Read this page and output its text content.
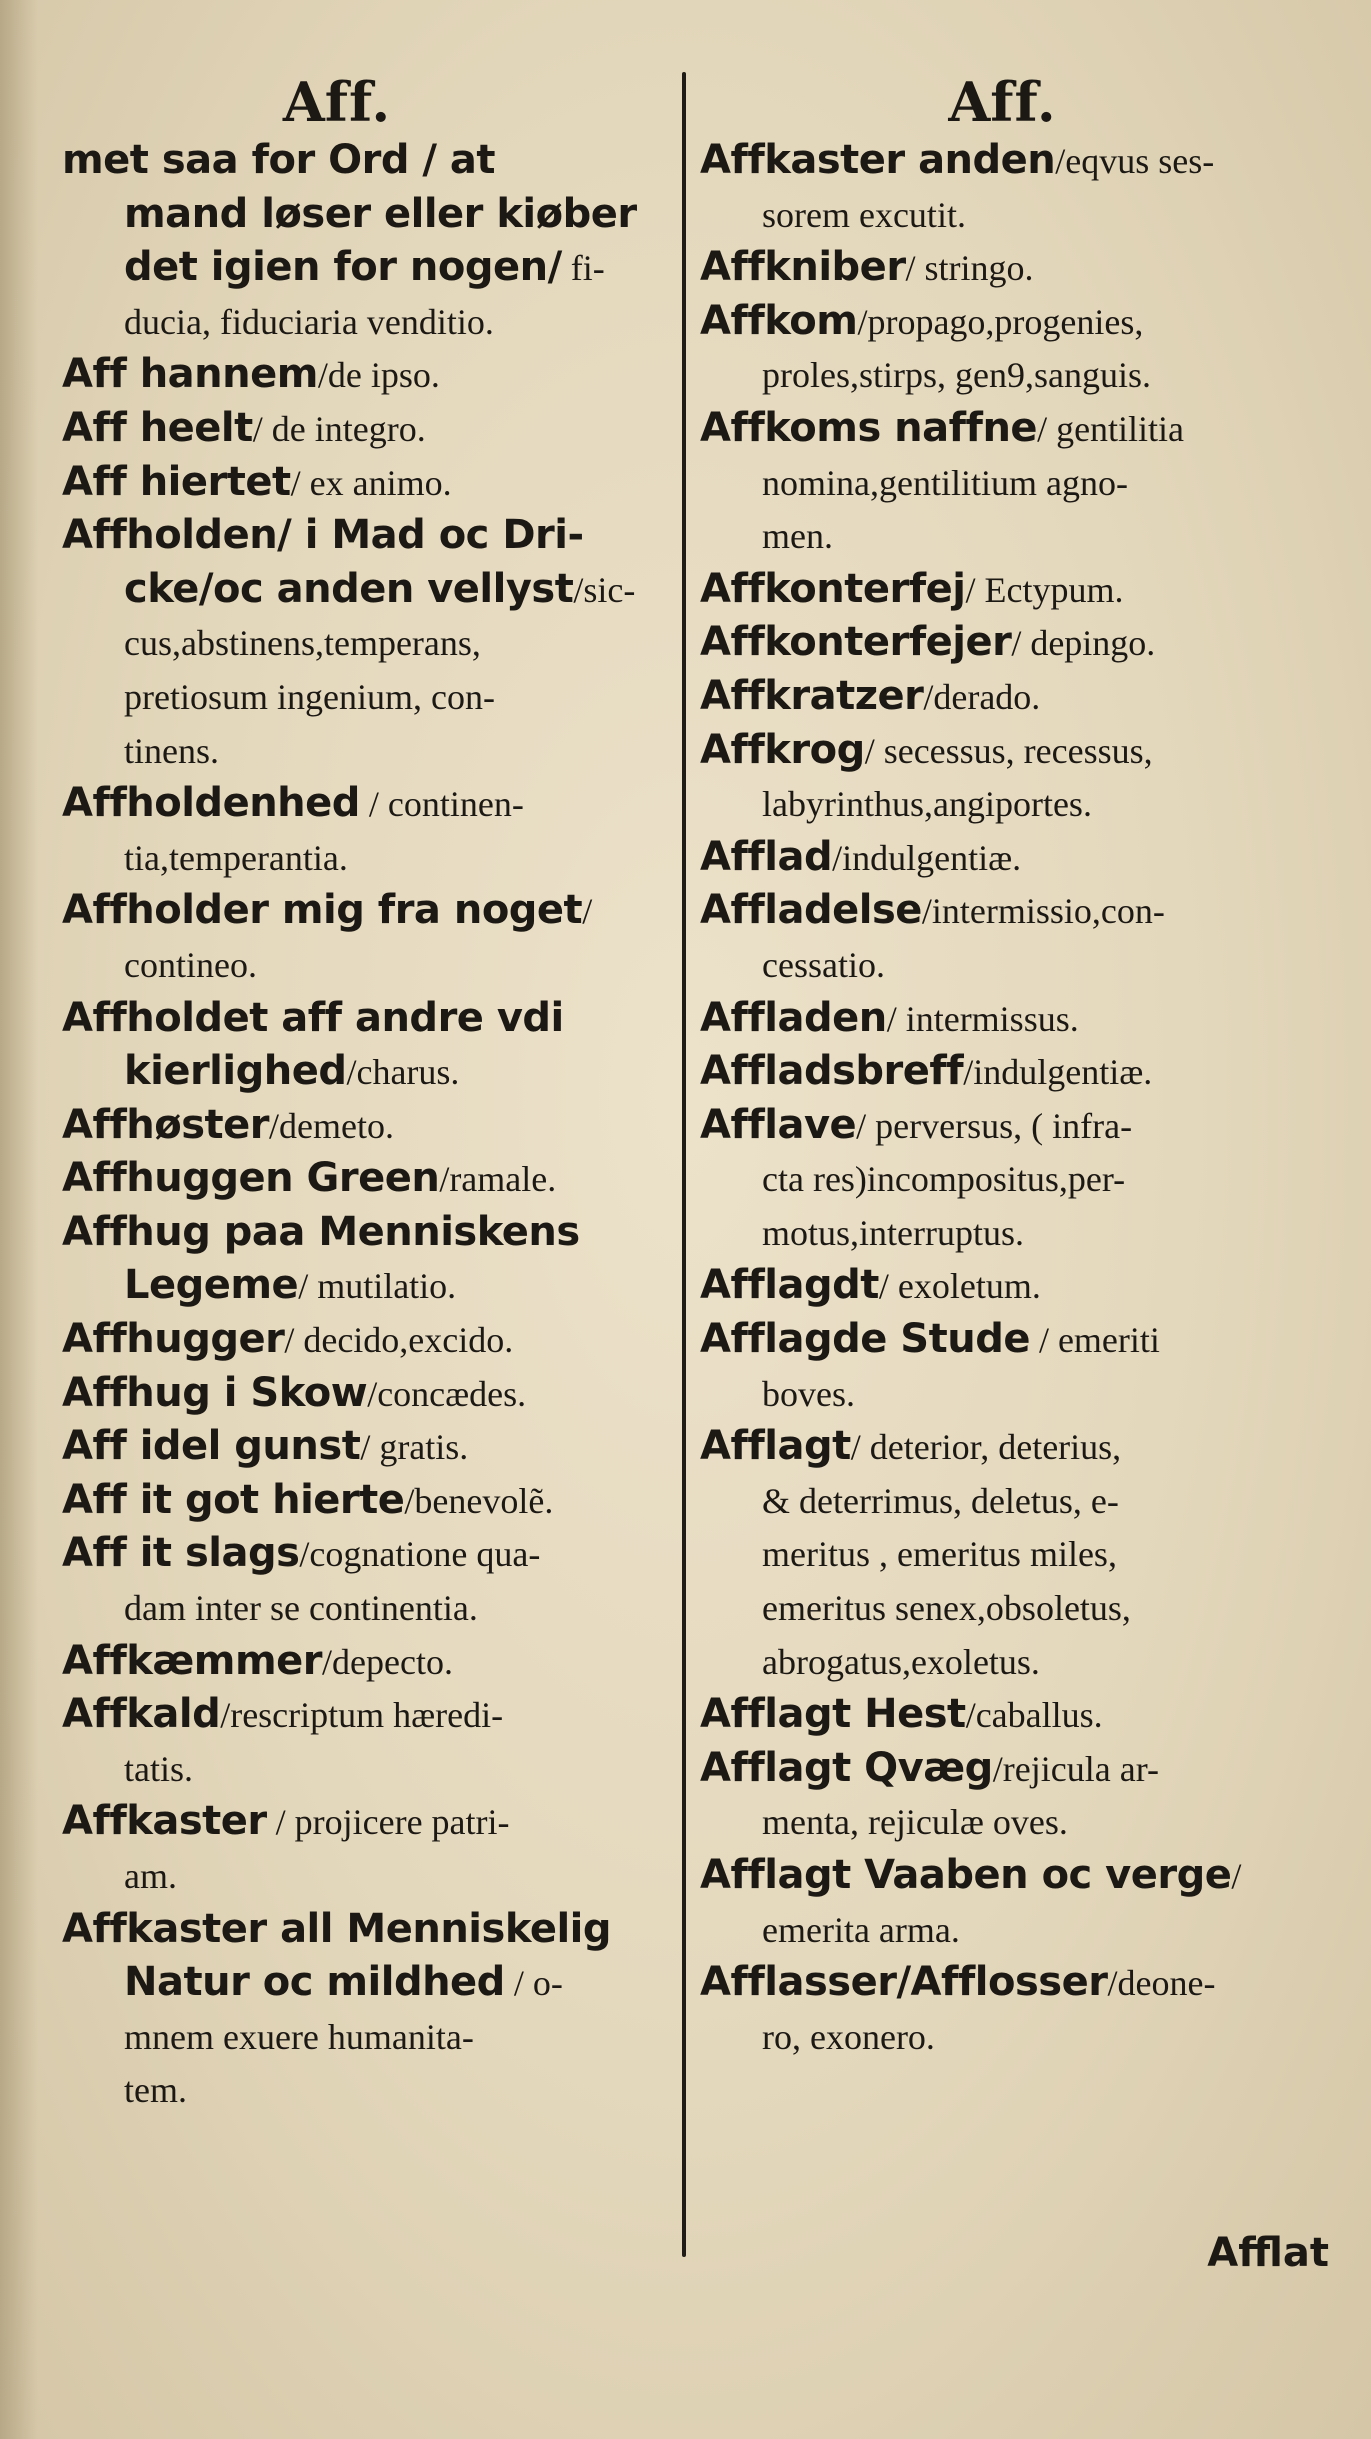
Aff.
met saa for Ord / at
mand løser eller kiøber
det igien for nogen/ fi-
ducia, fiduciaria venditio.
Aff hannem/de ipso.
Aff heelt/ de integro.
Aff hiertet/ ex animo.
Affholden/ i Mad oc Dri-
cke/oc anden vellyst/sic-
cus,abstinens,temperans,
pretiosum ingenium, con-
tinens.
Affholdenhed / continen-
tia,temperantia.
Affholder mig fra noget/
contineo.
Affholdet aff andre vdi
kierlighed/charus.
Affhøster/demeto.
Affhuggen Green/ramale.
Affhug paa Menniskens
Legeme/ mutilatio.
Affhugger/ decido,excido.
Affhug i Skow/concædes.
Aff idel gunst/ gratis.
Aff it got hierte/benevolẽ.
Aff it slags/cognatione qua-
dam inter se continentia.
Affkæmmer/depecto.
Affkald/rescriptum hæredi-
tatis.
Affkaster / projicere patri-
am.
Affkaster all Menniskelig
Natur oc mildhed / o-
mnem exuere humanita-
tem.
Aff.
Affkaster anden/eqvus ses-
sorem excutit.
Affkniber/ stringo.
Affkom/propago,progenies,
proles,stirps, gen9,sanguis.
Affkoms naffne/ gentilitia
nomina,gentilitium agno-
men.
Affkonterfej/ Ectypum.
Affkonterfejer/ depingo.
Affkratzer/derado.
Affkrog/ secessus, recessus,
labyrinthus,angiportes.
Afflad/indulgentiæ.
Affladelse/intermissio,con-
cessatio.
Affladen/ intermissus.
Affladsbreff/indulgentiæ.
Afflave/ perversus, ( infra-
cta res)incompositus,per-
motus,interruptus.
Afflagdt/ exoletum.
Afflagde Stude / emeriti
boves.
Afflagt/ deterior, deterius,
& deterrimus, deletus, e-
meritus , emeritus miles,
emeritus senex,obsoletus,
abrogatus,exoletus.
Afflagt Hest/caballus.
Afflagt Qvæg/rejicula ar-
menta, rejiculæ oves.
Afflagt Vaaben oc verge/
emerita arma.
Afflasser/Afflosser/deone-
ro, exonero.
Afflat
